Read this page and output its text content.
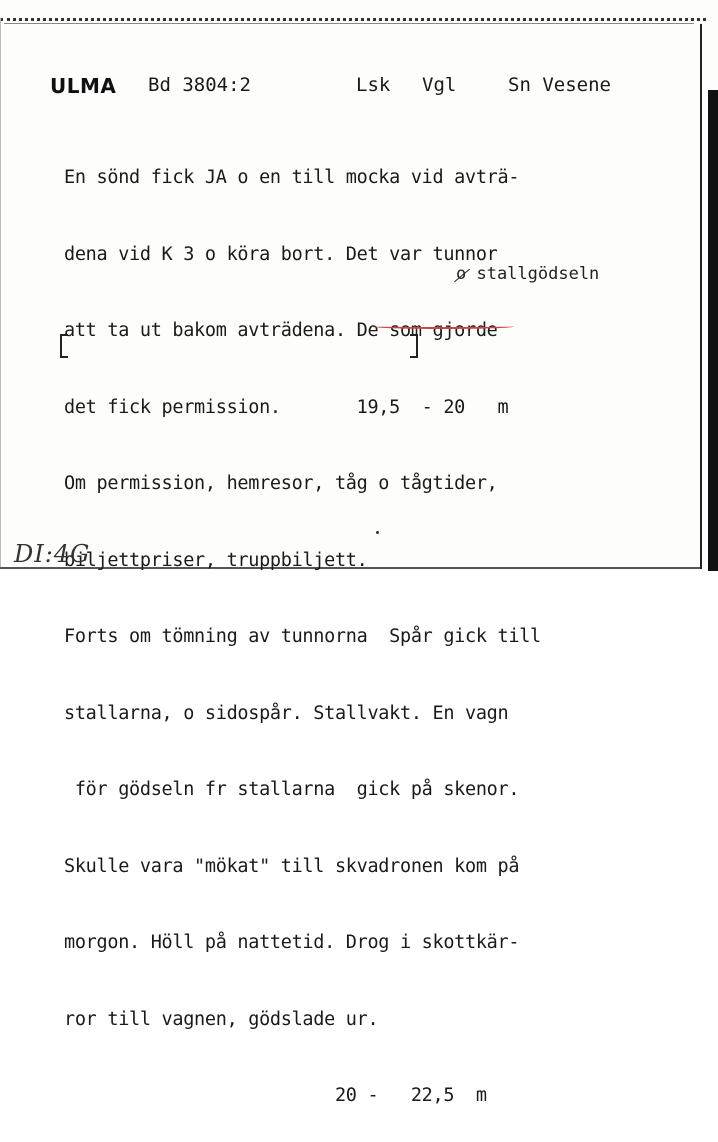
ULMA

Bd 3804:2

	Lsk

Vgl

	Sn Vesene

En sönd fick JA o en till mocka vid avträ-

dena vid K 3 o köra bort. Det var tunnor

att ta ut bakom avträdena. De som gjorde

det fick permission.       19,5  - 20   m

Om permission, hemresor, tåg o tågtider,

biljettpriser, truppbiljett.

Forts om tömning av tunnorna  Spår gick till

stallarna, o sidospår. Stallvakt. En vagn

för gödseln fr stallarna  gick på skenor.

Skulle vara "mökat" till skvadronen kom på

morgon. Höll på nattetid. Drog i skottkär-

ror till vagnen, gödslade ur.

20 -   22,5  m

o stallgödseln
DI:4G
